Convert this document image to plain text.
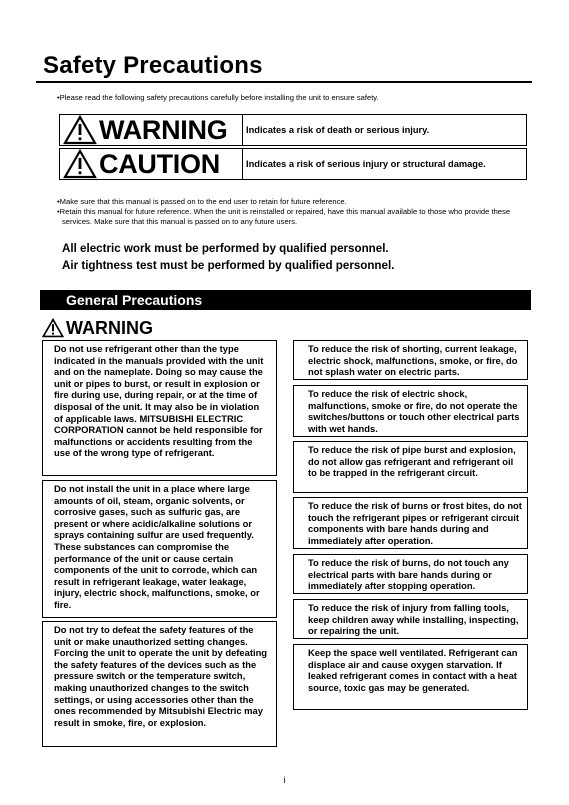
Safety Precautions
•Please read the following safety precautions carefully before installing the unit to ensure safety.
WARNING	Indicates a risk of death or serious injury.
CAUTION	Indicates a risk of serious injury or structural damage.
•Make sure that this manual is passed on to the end user to retain for future reference.
•Retain this manual for future reference. When the unit is reinstalled or repaired, have this manual available to those who provide these services. Make sure that this manual is passed on to any future users.
All electric work must be performed by qualified personnel.
Air tightness test must be performed by qualified personnel.
General Precautions
WARNING
Do not use refrigerant other than the type indicated in the manuals provided with the unit and on the nameplate. Doing so may cause the unit or pipes to burst, or result in explosion or fire during use, during repair, or at the time of disposal of the unit. It may also be in violation of applicable laws. MITSUBISHI ELECTRIC CORPORATION cannot be held responsible for malfunctions or accidents resulting from the use of the wrong type of refrigerant.
Do not install the unit in a place where large amounts of oil, steam, organic solvents, or corrosive gases, such as sulfuric gas, are present or where acidic/alkaline solutions or sprays containing sulfur are used frequently. These substances can compromise the performance of the unit or cause certain components of the unit to corrode, which can result in refrigerant leakage, water leakage, injury, electric shock, malfunctions, smoke, or fire.
Do not try to defeat the safety features of the unit or make unauthorized setting changes. Forcing the unit to operate the unit by defeating the safety features of the devices such as the pressure switch or the temperature switch, making unauthorized changes to the switch settings, or using accessories other than the ones recommended by Mitsubishi Electric may result in smoke, fire, or explosion.
To reduce the risk of shorting, current leakage, electric shock, malfunctions, smoke, or fire, do not splash water on electric parts.
To reduce the risk of electric shock, malfunctions, smoke or fire, do not operate the switches/buttons or touch other electrical parts with wet hands.
To reduce the risk of pipe burst and explosion, do not allow gas refrigerant and refrigerant oil to be trapped in the refrigerant circuit.
To reduce the risk of burns or frost bites, do not touch the refrigerant pipes or refrigerant circuit components with bare hands during and immediately after operation.
To reduce the risk of burns, do not touch any electrical parts with bare hands during or immediately after stopping operation.
To reduce the risk of injury from falling tools, keep children away while installing, inspecting, or repairing the unit.
Keep the space well ventilated. Refrigerant can displace air and cause oxygen starvation. If leaked refrigerant comes in contact with a heat source, toxic gas may be generated.
i
